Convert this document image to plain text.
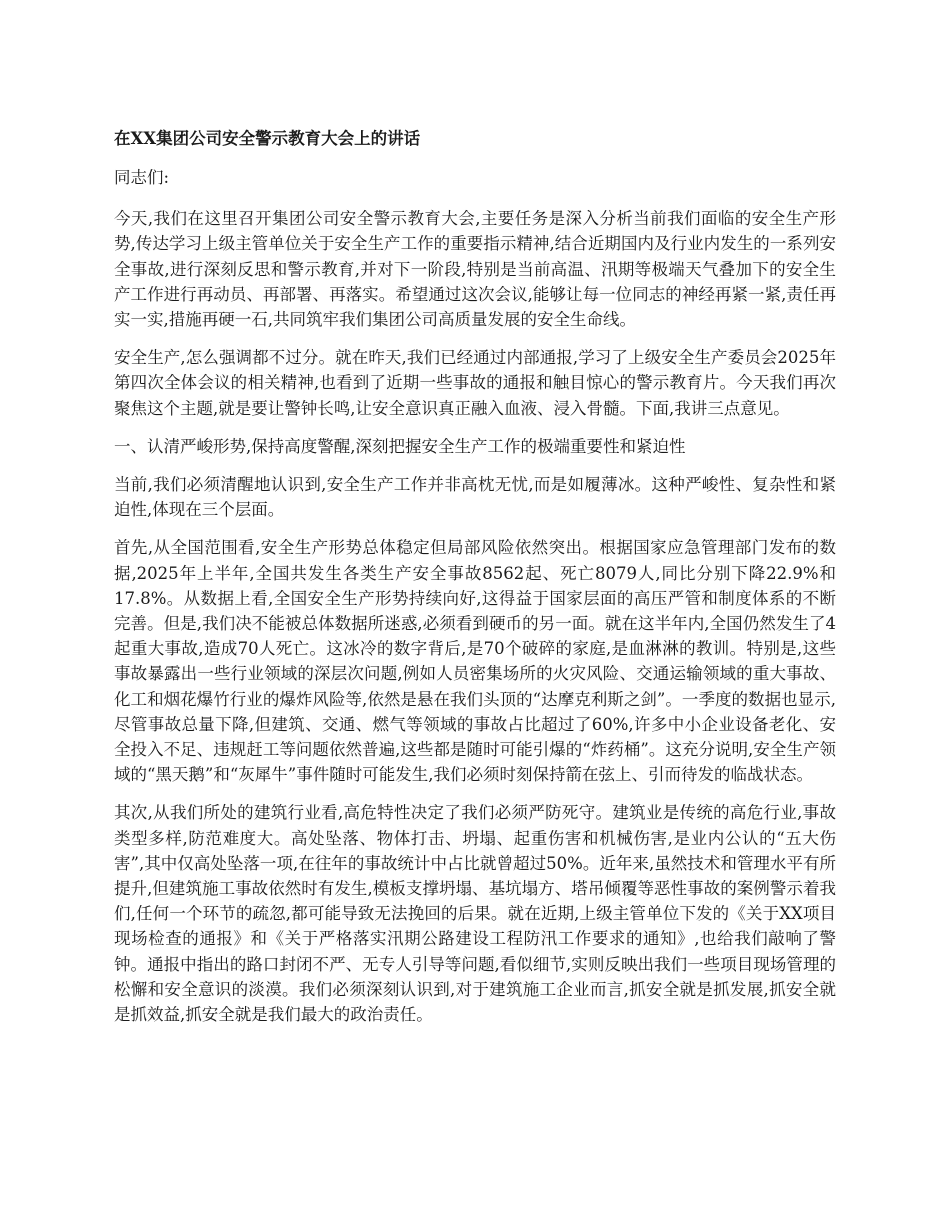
在XX集团公司安全警示教育大会上的讲话
同志们:
今天,我们在这里召开集团公司安全警示教育大会,主要任务是深入分析当前我们面临的安全生产形势,传达学习上级主管单位关于安全生产工作的重要指示精神,结合近期国内及行业内发生的一系列安全事故,进行深刻反思和警示教育,并对下一阶段,特别是当前高温、汛期等极端天气叠加下的安全生产工作进行再动员、再部署、再落实。希望通过这次会议,能够让每一位同志的神经再紧一紧,责任再实一实,措施再硬一石,共同筑牢我们集团公司高质量发展的安全生命线。
安全生产,怎么强调都不过分。就在昨天,我们已经通过内部通报,学习了上级安全生产委员会2025年第四次全体会议的相关精神,也看到了近期一些事故的通报和触目惊心的警示教育片。今天我们再次聚焦这个主题,就是要让警钟长鸣,让安全意识真正融入血液、浸入骨髓。下面,我讲三点意见。
一、认清严峻形势,保持高度警醒,深刻把握安全生产工作的极端重要性和紧迫性
当前,我们必须清醒地认识到,安全生产工作并非高枕无忧,而是如履薄冰。这种严峻性、复杂性和紧迫性,体现在三个层面。
首先,从全国范围看,安全生产形势总体稳定但局部风险依然突出。根据国家应急管理部门发布的数据,2025年上半年,全国共发生各类生产安全事故8562起、死亡8079人,同比分别下降22.9%和17.8%。从数据上看,全国安全生产形势持续向好,这得益于国家层面的高压严管和制度体系的不断完善。但是,我们决不能被总体数据所迷惑,必须看到硬币的另一面。就在这半年内,全国仍然发生了4起重大事故,造成70人死亡。这冰冷的数字背后,是70个破碎的家庭,是血淋淋的教训。特别是,这些事故暴露出一些行业领域的深层次问题,例如人员密集场所的火灾风险、交通运输领域的重大事故、化工和烟花爆竹行业的爆炸风险等,依然是悬在我们头顶的“达摩克利斯之剑”。一季度的数据也显示,尽管事故总量下降,但建筑、交通、燃气等领域的事故占比超过了60%,许多中小企业设备老化、安全投入不足、违规赶工等问题依然普遍,这些都是随时可能引爆的“炸药桶”。这充分说明,安全生产领域的“黑天鹅”和“灰犀牛”事件随时可能发生,我们必须时刻保持箭在弦上、引而待发的临战状态。
其次,从我们所处的建筑行业看,高危特性决定了我们必须严防死守。建筑业是传统的高危行业,事故类型多样,防范难度大。高处坠落、物体打击、坍塌、起重伤害和机械伤害,是业内公认的“五大伤害”,其中仅高处坠落一项,在往年的事故统计中占比就曾超过50%。近年来,虽然技术和管理水平有所提升,但建筑施工事故依然时有发生,模板支撑坍塌、基坑塌方、塔吊倾覆等恶性事故的案例警示着我们,任何一个环节的疏忽,都可能导致无法挽回的后果。就在近期,上级主管单位下发的《关于XX项目现场检查的通报》和《关于严格落实汛期公路建设工程防汛工作要求的通知》,也给我们敲响了警钟。通报中指出的路口封闭不严、无专人引导等问题,看似细节,实则反映出我们一些项目现场管理的松懈和安全意识的淡漠。我们必须深刻认识到,对于建筑施工企业而言,抓安全就是抓发展,抓安全就是抓效益,抓安全就是我们最大的政治责任。
